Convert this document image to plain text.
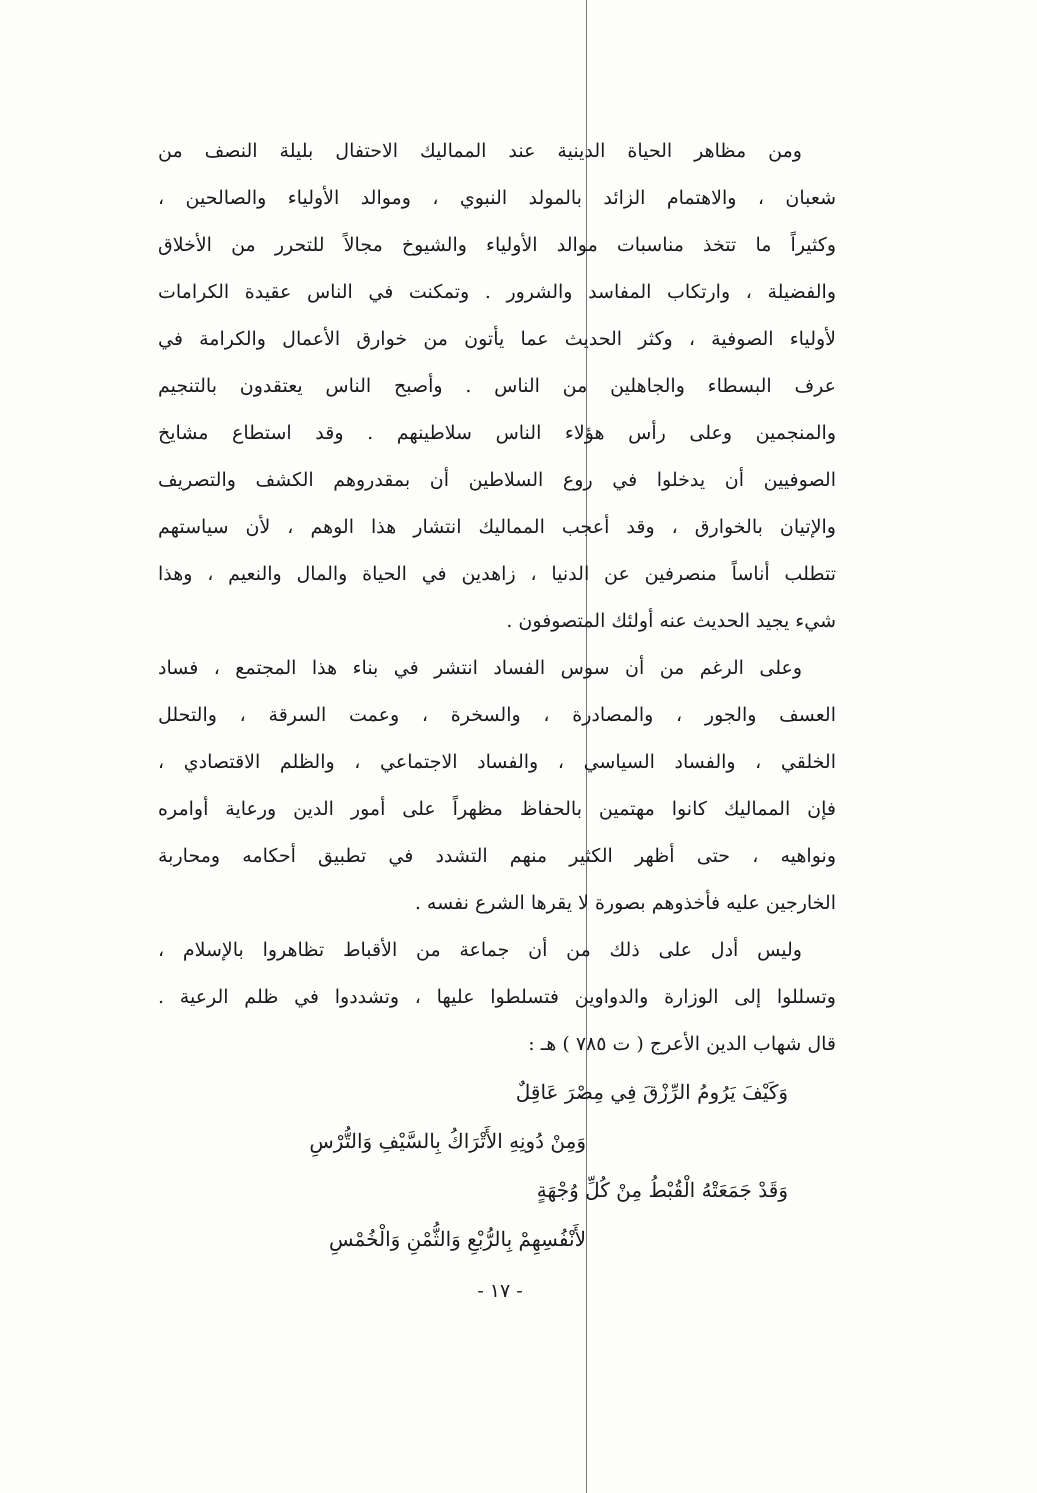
ومن مظاهر الحياة الدينية عند المماليك الاحتفال بليلة النصف من
شعبان ، والاهتمام الزائد بالمولد النبوي ، وموالد الأولياء والصالحين ،
وكثيراً ما تتخذ مناسبات موالد الأولياء والشيوخ مجالاً للتحرر من الأخلاق
والفضيلة ، وارتكاب المفاسد والشرور . وتمكنت في الناس عقيدة الكرامات
لأولياء الصوفية ، وكثر الحديث عما يأتون من خوارق الأعمال والكرامة في
عرف البسطاء والجاهلين من الناس . وأصبح الناس يعتقدون بالتنجيم
والمنجمين وعلى رأس هؤلاء الناس سلاطينهم . وقد استطاع مشايخ
الصوفيين أن يدخلوا في روع السلاطين أن بمقدروهم الكشف والتصريف
والإتيان بالخوارق ، وقد أعجب المماليك انتشار هذا الوهم ، لأن سياستهم
تتطلب أناساً منصرفين عن الدنيا ، زاهدين في الحياة والمال والنعيم ، وهذا
شيء يجيد الحديث عنه أولئك المتصوفون .
وعلى الرغم من أن سوس الفساد انتشر في بناء هذا المجتمع ، فساد
العسف والجور ، والمصادرة ، والسخرة ، وعمت السرقة ، والتحلل
الخلقي ، والفساد السياسي ، والفساد الاجتماعي ، والظلم الاقتصادي ،
فإن المماليك كانوا مهتمين بالحفاظ مظهراً على أمور الدين ورعاية أوامره
ونواهيه ، حتى أظهر الكثير منهم التشدد في تطبيق أحكامه ومحاربة
الخارجين عليه فأخذوهم بصورة لا يقرها الشرع نفسه .
وليس أدل على ذلك من أن جماعة من الأقباط تظاهروا بالإسلام ،
وتسللوا إلى الوزارة والدواوين فتسلطوا عليها ، وتشددوا في ظلم الرعية .
قال شهاب الدين الأعرج ( ت ٧٨٥ ) هـ :
وَكَيْفَ يَرُومُ الرِّزْقَ فِي مِصْرَ عَاقِلٌ
وَمِنْ دُونِهِ الأَتْرَاكُ بِالسَّيْفِ وَالتُّرْسِ
وَقَدْ جَمَعَتْهُ الْقُبْطُ مِنْ كُلِّ وُجْهَةٍ
لأَنْفُسِهِمْ بِالرُّبْعِ وَالثُّمْنِ وَالْخُمْسِ
- ١٧ -
